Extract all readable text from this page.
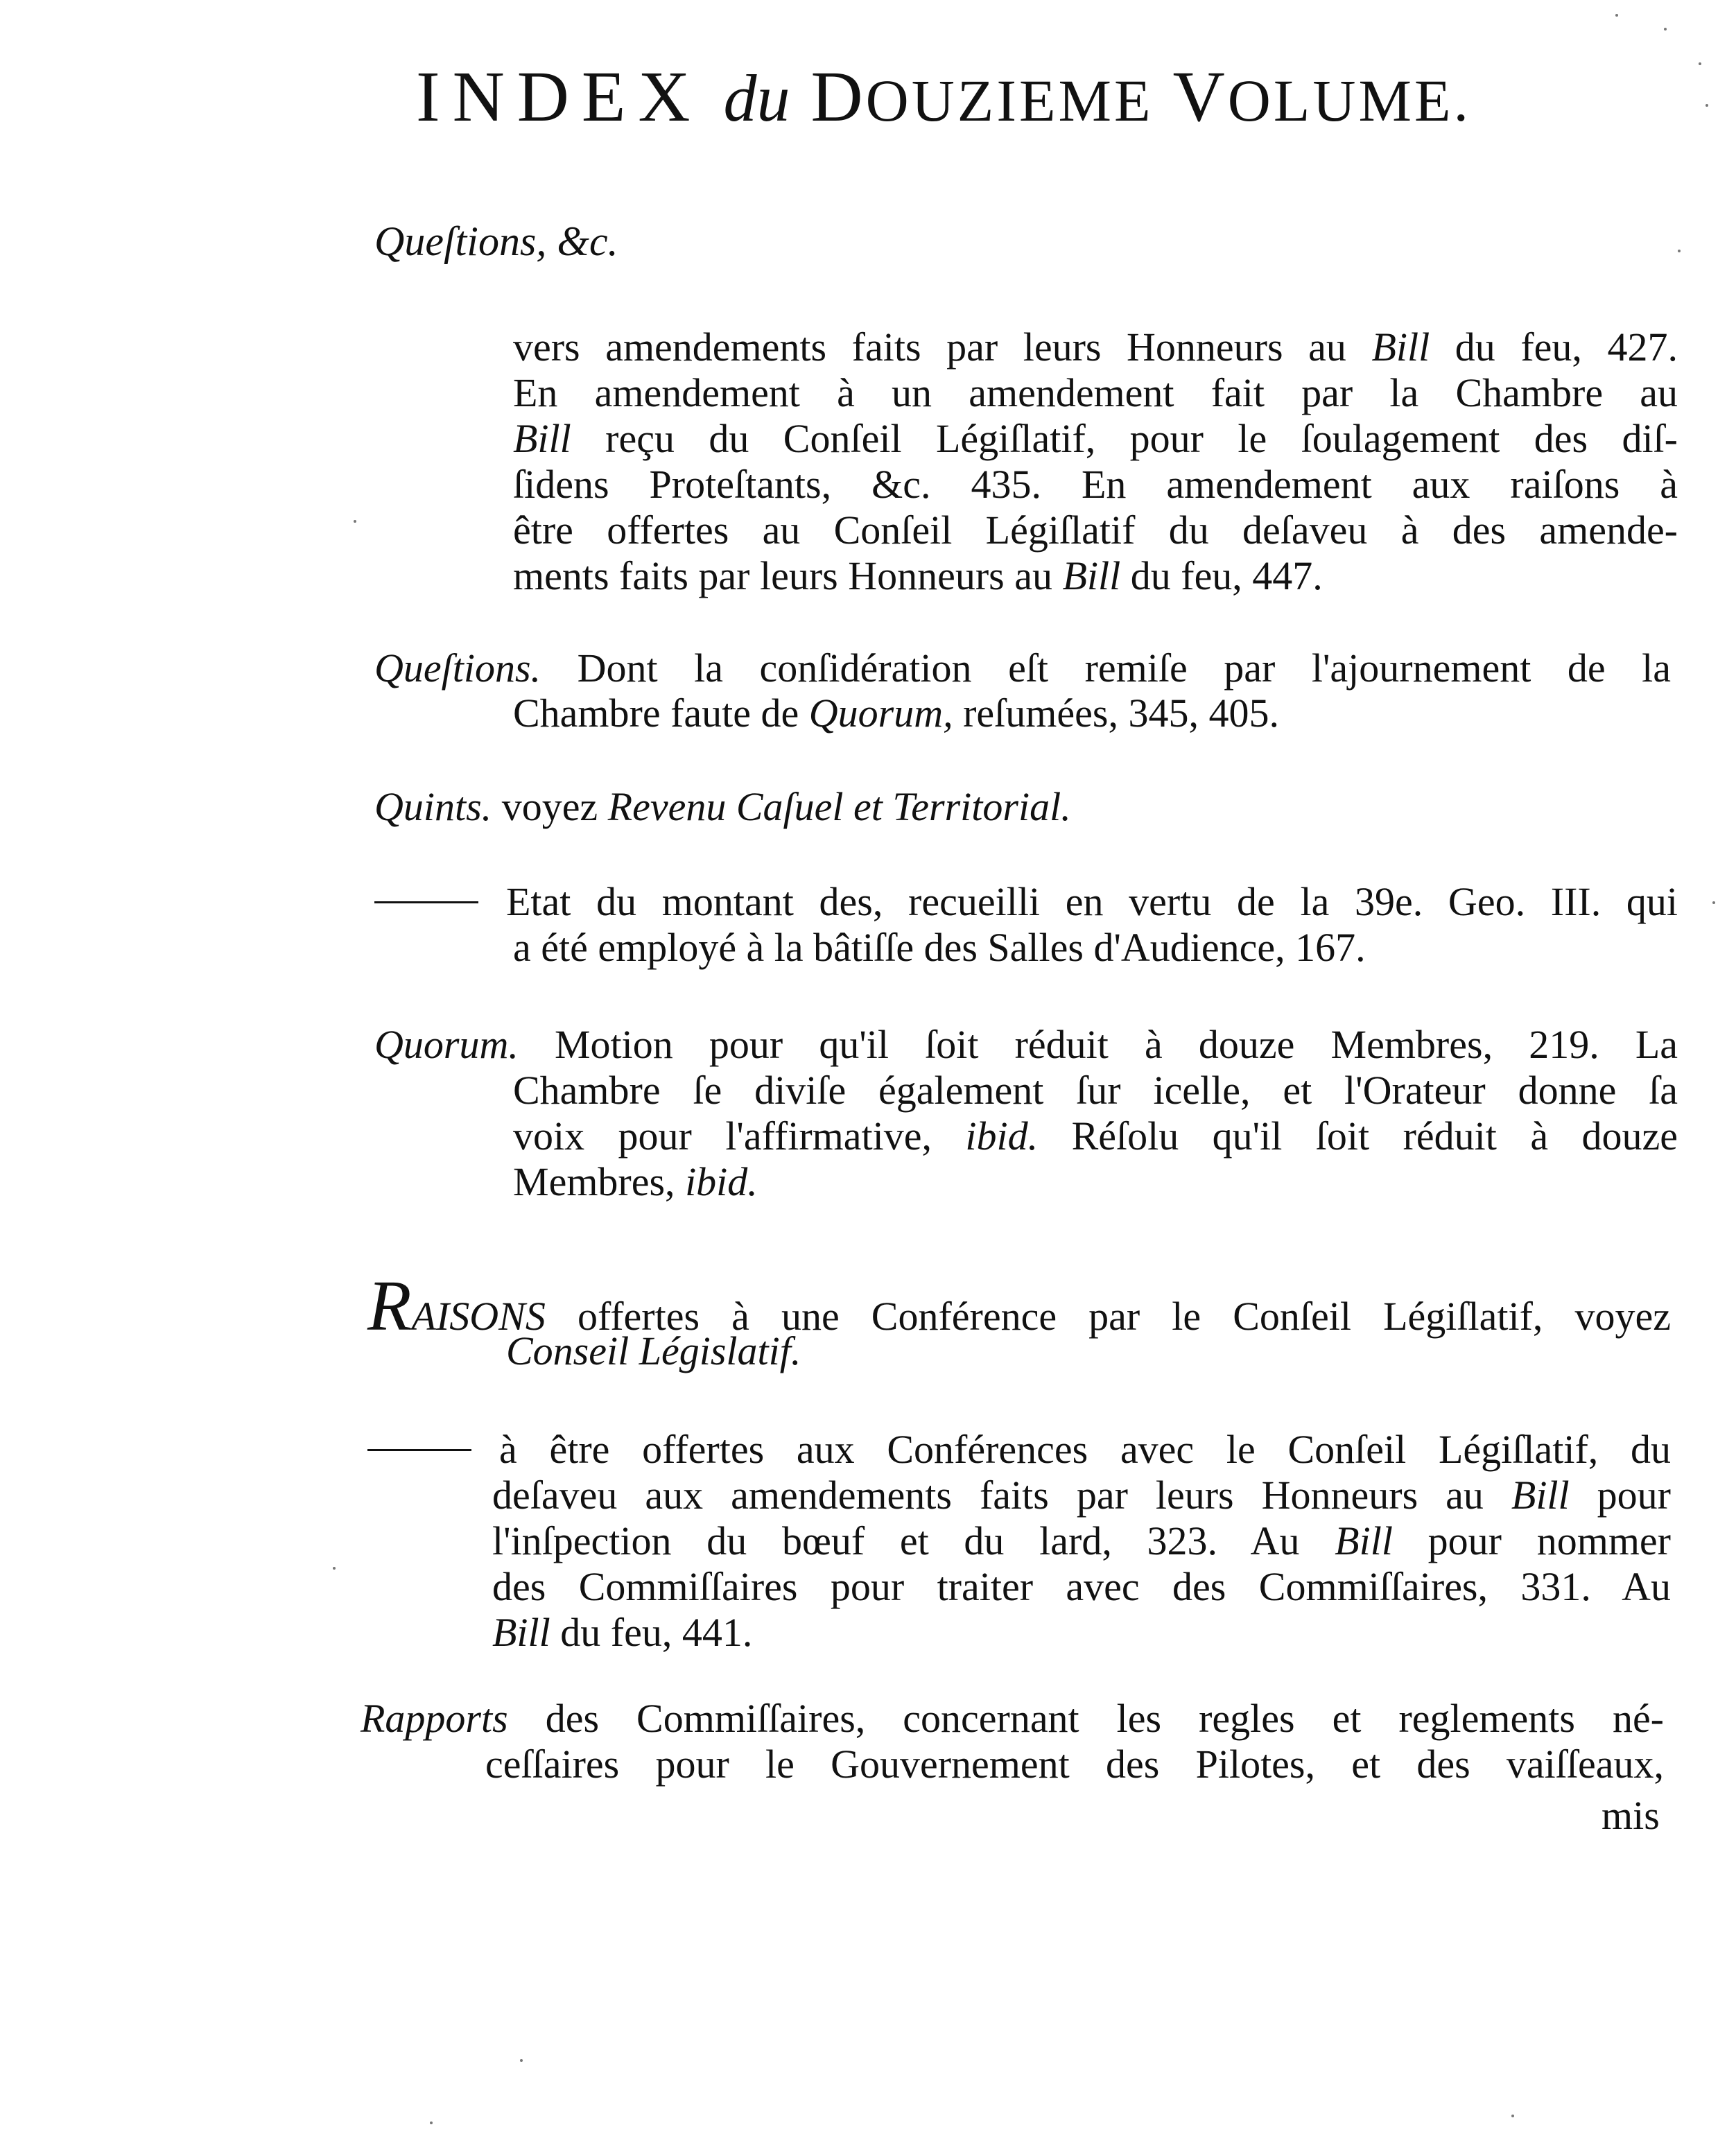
INDEX du DOUZIEME VOLUME.
Queſtions, &c.
vers amendements faits par leurs Honneurs au Bill du feu, 427.
En amendement à un amendement fait par la Chambre au
Bill reçu du Conſeil Légiſlatif, pour le ſoulagement des diſ-
ſidens Proteſtants, &c. 435. En amendement aux raiſons à
être offertes au Conſeil Légiſlatif du deſaveu à des amende-
ments faits par leurs Honneurs au Bill du feu, 447.
Queſtions. Dont la conſidération eſt remiſe par l'ajournement de la
Chambre faute de Quorum, reſumées, 345, 405.
Quints. voyez Revenu Caſuel et Territorial.
Etat du montant des, recueilli en vertu de la 39e. Geo. III. qui
a été employé à la bâtiſſe des Salles d'Audience, 167.
Quorum. Motion pour qu'il ſoit réduit à douze Membres, 219. La
Chambre ſe diviſe également ſur icelle, et l'Orateur donne ſa
voix pour l'affirmative, ibid. Réſolu qu'il ſoit réduit à douze
Membres, ibid.
RAISONS offertes à une Conférence par le Conſeil Légiſlatif, voyez
Conseil Législatif.
à être offertes aux Conférences avec le Conſeil Légiſlatif, du
deſaveu aux amendements faits par leurs Honneurs au Bill pour
l'inſpection du bœuf et du lard, 323. Au Bill pour nommer
des Commiſſaires pour traiter avec des Commiſſaires, 331. Au
Bill du feu, 441.
Rapports des Commiſſaires, concernant les regles et reglements né-
ceſſaires pour le Gouvernement des Pilotes, et des vaiſſeaux,
mis
